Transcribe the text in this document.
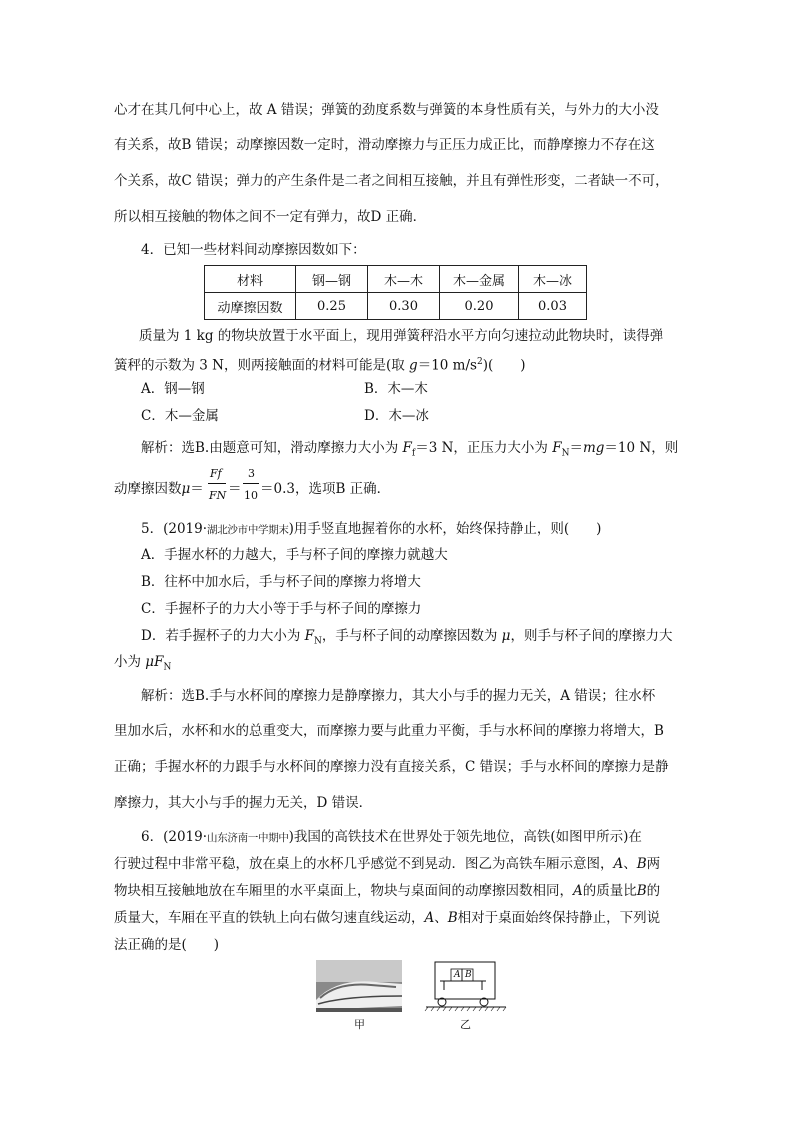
心才在其几何中心上，故 A 错误；弹簧的劲度系数与弹簧的本身性质有关，与外力的大小没
有关系，故B 错误；动摩擦因数一定时，滑动摩擦力与正压力成正比，而静摩擦力不存在这
个关系，故C 错误；弹力的产生条件是二者之间相互接触，并且有弹性形变，二者缺一不可，
所以相互接触的物体之间不一定有弹力，故D 正确．
4．已知一些材料间动摩擦因数如下：
材料	钢—钢	木—木	木—金属	木—冰
动摩擦因数	0.25	0.30	0.20	0.03
质量为 1 kg 的物块放置于水平面上，现用弹簧秤沿水平方向匀速拉动此物块时，读得弹
簧秤的示数为 3 N，则两接触面的材料可能是(取 g＝10 $m/s^2$)(　　)
A．钢—钢	B．木—木
C．木—金属	D．木—冰
解析：选B.由题意可知，滑动摩擦力大小为 $F_f=3$ N，正压力大小为 $F_N=mg=10$ N，则
动摩擦因数μ＝
Ff
FN ＝
3
10 ＝0.3，选项B 正确．
5．(2019·湖北沙市中学期末)用手竖直地握着你的水杯，始终保持静止，则(　　)
A．手握水杯的力越大，手与杯子间的摩擦力就越大
B．往杯中加水后，手与杯子间的摩擦力将增大
C．手握杯子的力大小等于手与杯子间的摩擦力
D．若手握杯子的力大小为 $F_N$，手与杯子间的动摩擦因数为 μ，则手与杯子间的摩擦力大
小为 $\mu F_N$
解析：选B.手与水杯间的摩擦力是静摩擦力，其大小与手的握力无关，A 错误；往水杯
里加水后，水杯和水的总重变大，而摩擦力要与此重力平衡，手与水杯间的摩擦力将增大，B
正确；手握水杯的力跟手与水杯间的摩擦力没有直接关系，C 错误；手与水杯间的摩擦力是静
摩擦力，其大小与手的握力无关，D 错误．
6．(2019·山东济南一中期中)我国的高铁技术在世界处于领先地位，高铁(如图甲所示)在
行驶过程中非常平稳，放在桌上的水杯几乎感觉不到晃动．图乙为高铁车厢示意图，A、B两
物块相互接触地放在车厢里的水平桌面上，物块与桌面间的动摩擦因数相同，A的质量比B的
质量大，车厢在平直的铁轨上向右做匀速直线运动，A、B相对于桌面始终保持静止，下列说
法正确的是(　　)
甲
A B
乙
